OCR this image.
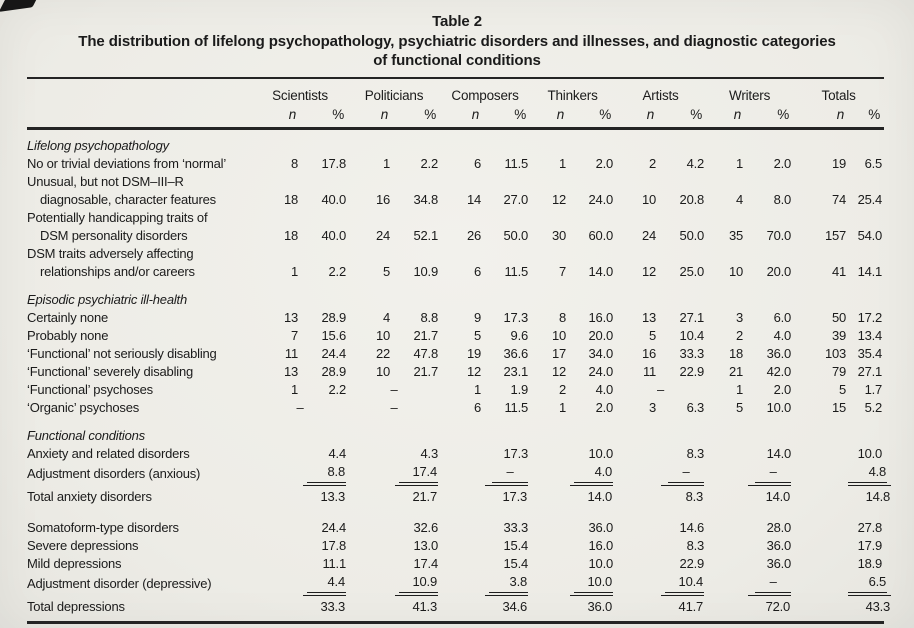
Table 2
The distribution of lifelong psychopathology, psychiatric disorders and illnesses, and diagnostic categories
of functional conditions
	Scientists		Politicians		Composers		Thinkers		Artists		Writers		Totals	
	n	%	n	%	n	%	n	%	n	%	n	%	n	%
Lifelong psychopathology														

No or trivial deviations from ‘normal’	8	17.8	1	2.2	6	11.5	1	2.0	2	4.2	1	2.0	19	6.5

Unusual, but not DSM–III–R
diagnosable, character features	18	40.0	16	34.8	14	27.0	12	24.0	10	20.8	4	8.0	74	25.4

Potentially handicapping traits of
DSM personality disorders	18	40.0	24	52.1	26	50.0	30	60.0	24	50.0	35	70.0	157	54.0

DSM traits adversely affecting
relationships and/or careers	1	2.2	5	10.9	6	11.5	7	14.0	12	25.0	10	20.0	41	14.1
Episodic psychiatric ill-health														

Certainly none	13	28.9	4	8.8	9	17.3	8	16.0	13	27.1	3	6.0	50	17.2

Probably none	7	15.6	10	21.7	5	9.6	10	20.0	5	10.4	2	4.0	39	13.4

‘Functional’ not seriously disabling	11	24.4	22	47.8	19	36.6	17	34.0	16	33.3	18	36.0	103	35.4

‘Functional’ severely disabling	13	28.9	10	21.7	12	23.1	12	24.0	11	22.9	21	42.0	79	27.1

‘Functional’ psychoses	1	2.2	–		1	1.9	2	4.0	–		1	2.0	5	1.7

‘Organic’ psychoses	–		–		6	11.5	1	2.0	3	6.3	5	10.0	15	5.2
Functional conditions														

Anxiety and related disorders		4.4		4.3		17.3		10.0		8.3		14.0		10.0

Adjustment disorders (anxious)		8.8		17.4		–		4.0		–		–		4.8

Total anxiety disorders		13.3		21.7		17.3		14.0		8.3		14.0		14.8

Somatoform-type disorders		24.4		32.6		33.3		36.0		14.6		28.0		27.8

Severe depressions		17.8		13.0		15.4		16.0		8.3		36.0		17.9

Mild depressions		11.1		17.4		15.4		10.0		22.9		36.0		18.9

Adjustment disorder (depressive)		4.4		10.9		3.8		10.0		10.4		–		6.5

Total depressions		33.3		41.3		34.6		36.0		41.7		72.0		43.3
